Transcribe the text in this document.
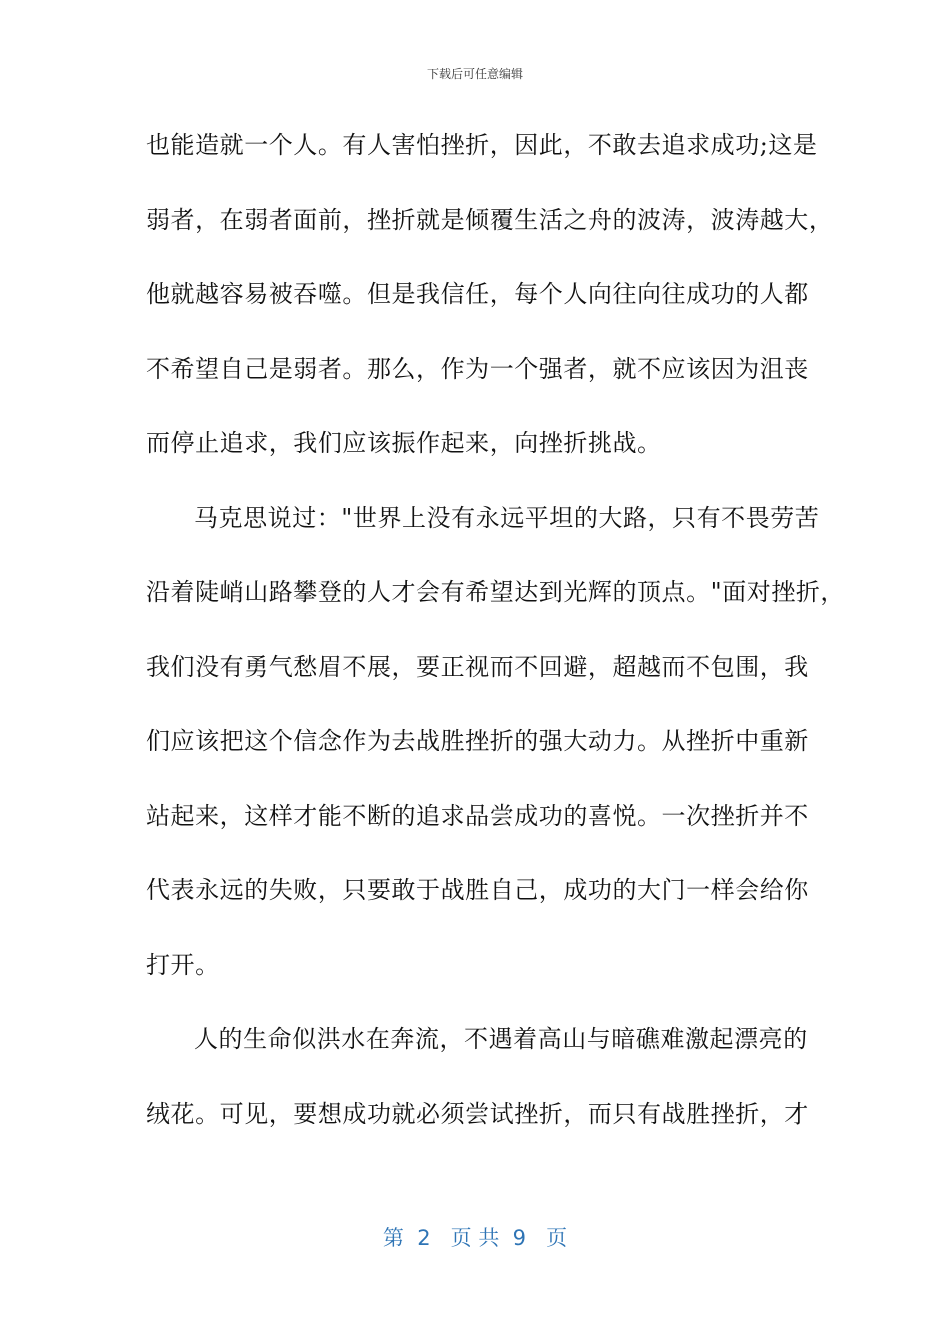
下载后可任意编辑
也能造就一个人。有人害怕挫折，因此，不敢去追求成功;这是
弱者，在弱者面前，挫折就是倾覆生活之舟的波涛，波涛越大，
他就越容易被吞噬。但是我信任，每个人向往向往成功的人都
不希望自己是弱者。那么，作为一个强者，就不应该因为沮丧
而停止追求，我们应该振作起来，向挫折挑战。
马克思说过："世界上没有永远平坦的大路，只有不畏劳苦
沿着陡峭山路攀登的人才会有希望达到光辉的顶点。"面对挫折，
我们没有勇气愁眉不展，要正视而不回避，超越而不包围，我
们应该把这个信念作为去战胜挫折的强大动力。从挫折中重新
站起来，这样才能不断的追求品尝成功的喜悦。一次挫折并不
代表永远的失败，只要敢于战胜自己，成功的大门一样会给你
打开。
人的生命似洪水在奔流，不遇着高山与暗礁难激起漂亮的
绒花。可见，要想成功就必须尝试挫折，而只有战胜挫折，才
第  2   页 共  9   页
